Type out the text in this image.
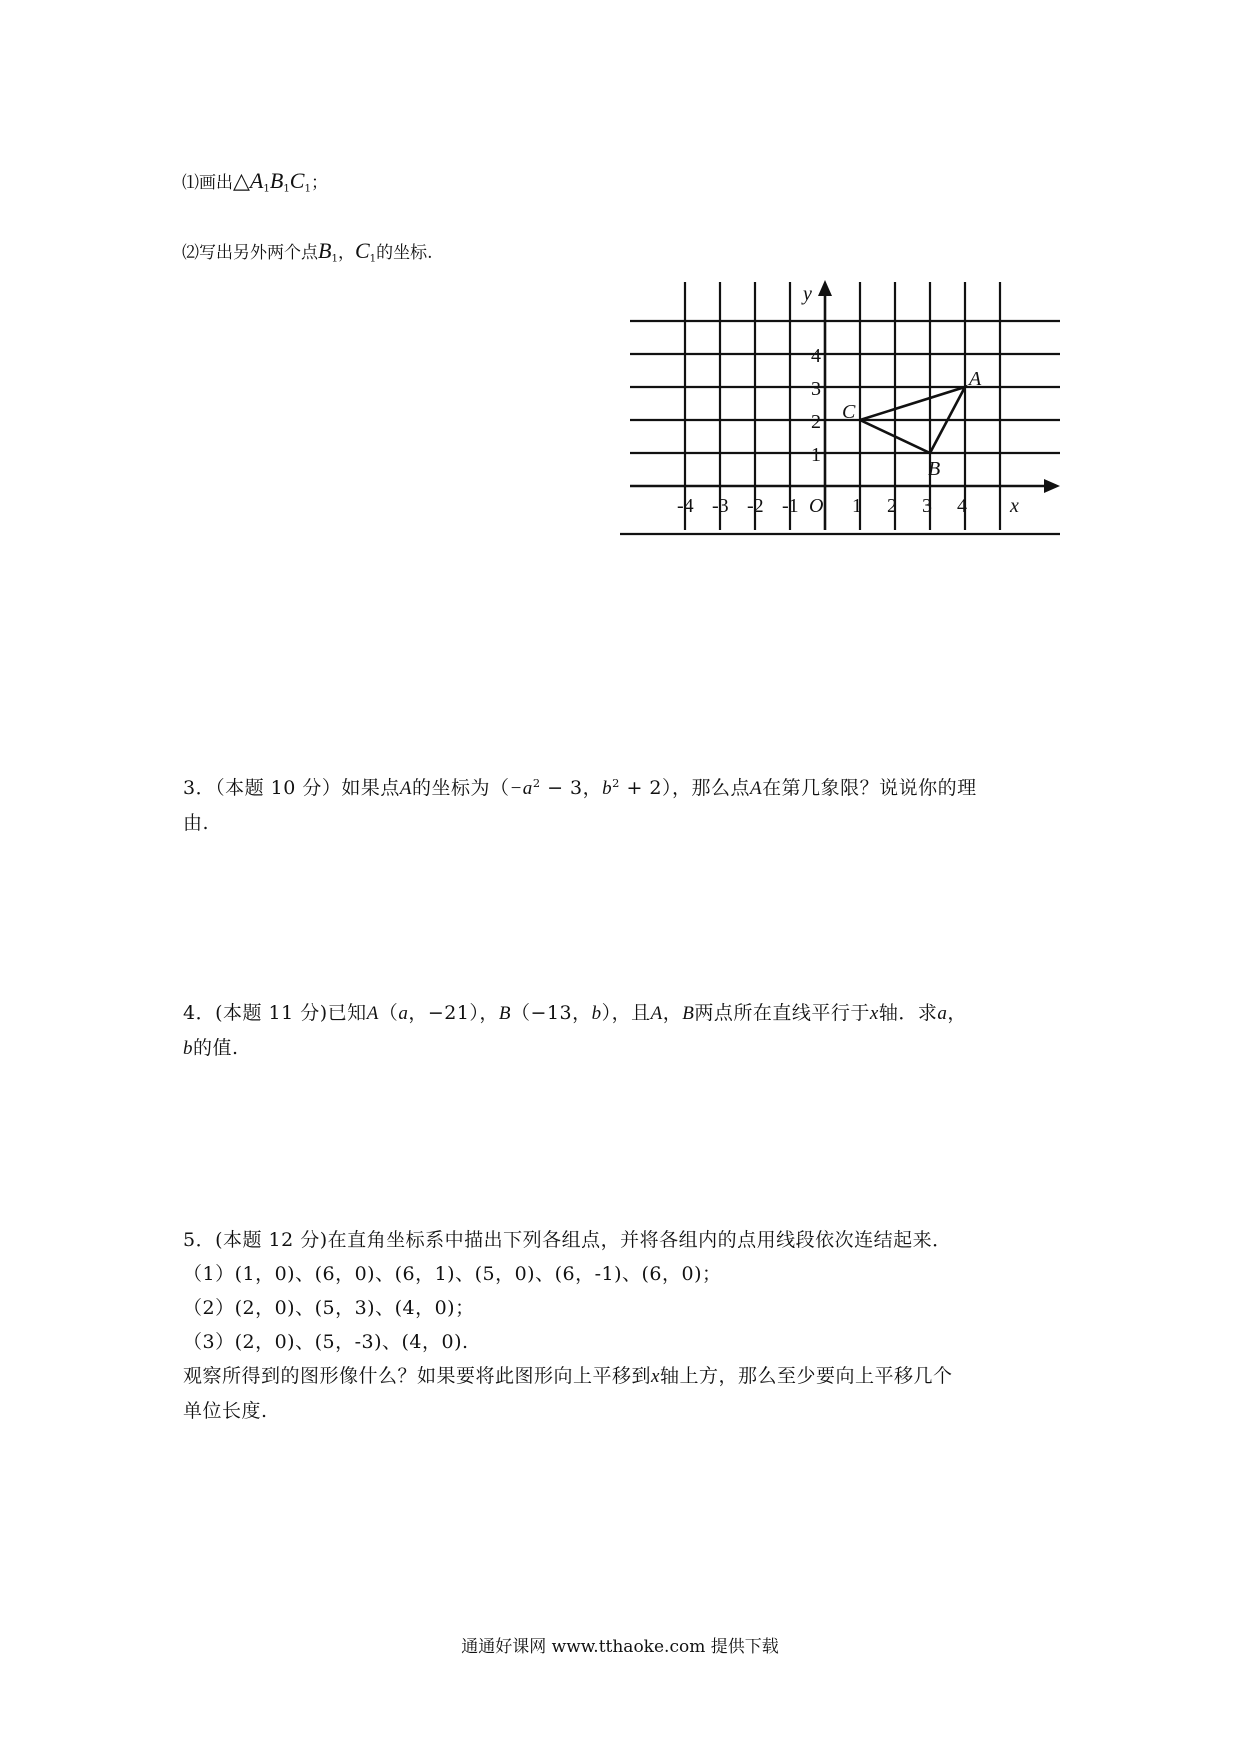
⑴画出$\triangle A_1B_1C_1$；
⑵写出另外两个点$B_1$，$C_1$的坐标.
-4 -3 -2 -1	1 2 3 4
1
2
3
4
O
y
x
A
B
C
3．（本题 10 分）如果点A的坐标为（$-a^2 - 3$，$b^2 + 2$），那么点A在第几象限？说说你的理
由.
4．(本题 11 分)已知A（a，−21），B（−13，b），且A，B两点所在直线平行于x轴．求a，
b的值.
5．(本题 12 分)在直角坐标系中描出下列各组点，并将各组内的点用线段依次连结起来．
（1）(1，0)、(6，0)、(6，1)、(5，0)、(6，-1)、(6，0)；
（2）(2，0)、(5，3)、(4，0)；
（3）(2，0)、(5，-3)、(4，0).
观察所得到的图形像什么？如果要将此图形向上平移到x轴上方，那么至少要向上平移几个
单位长度.
通通好课网 www.tthaoke.com 提供下载
